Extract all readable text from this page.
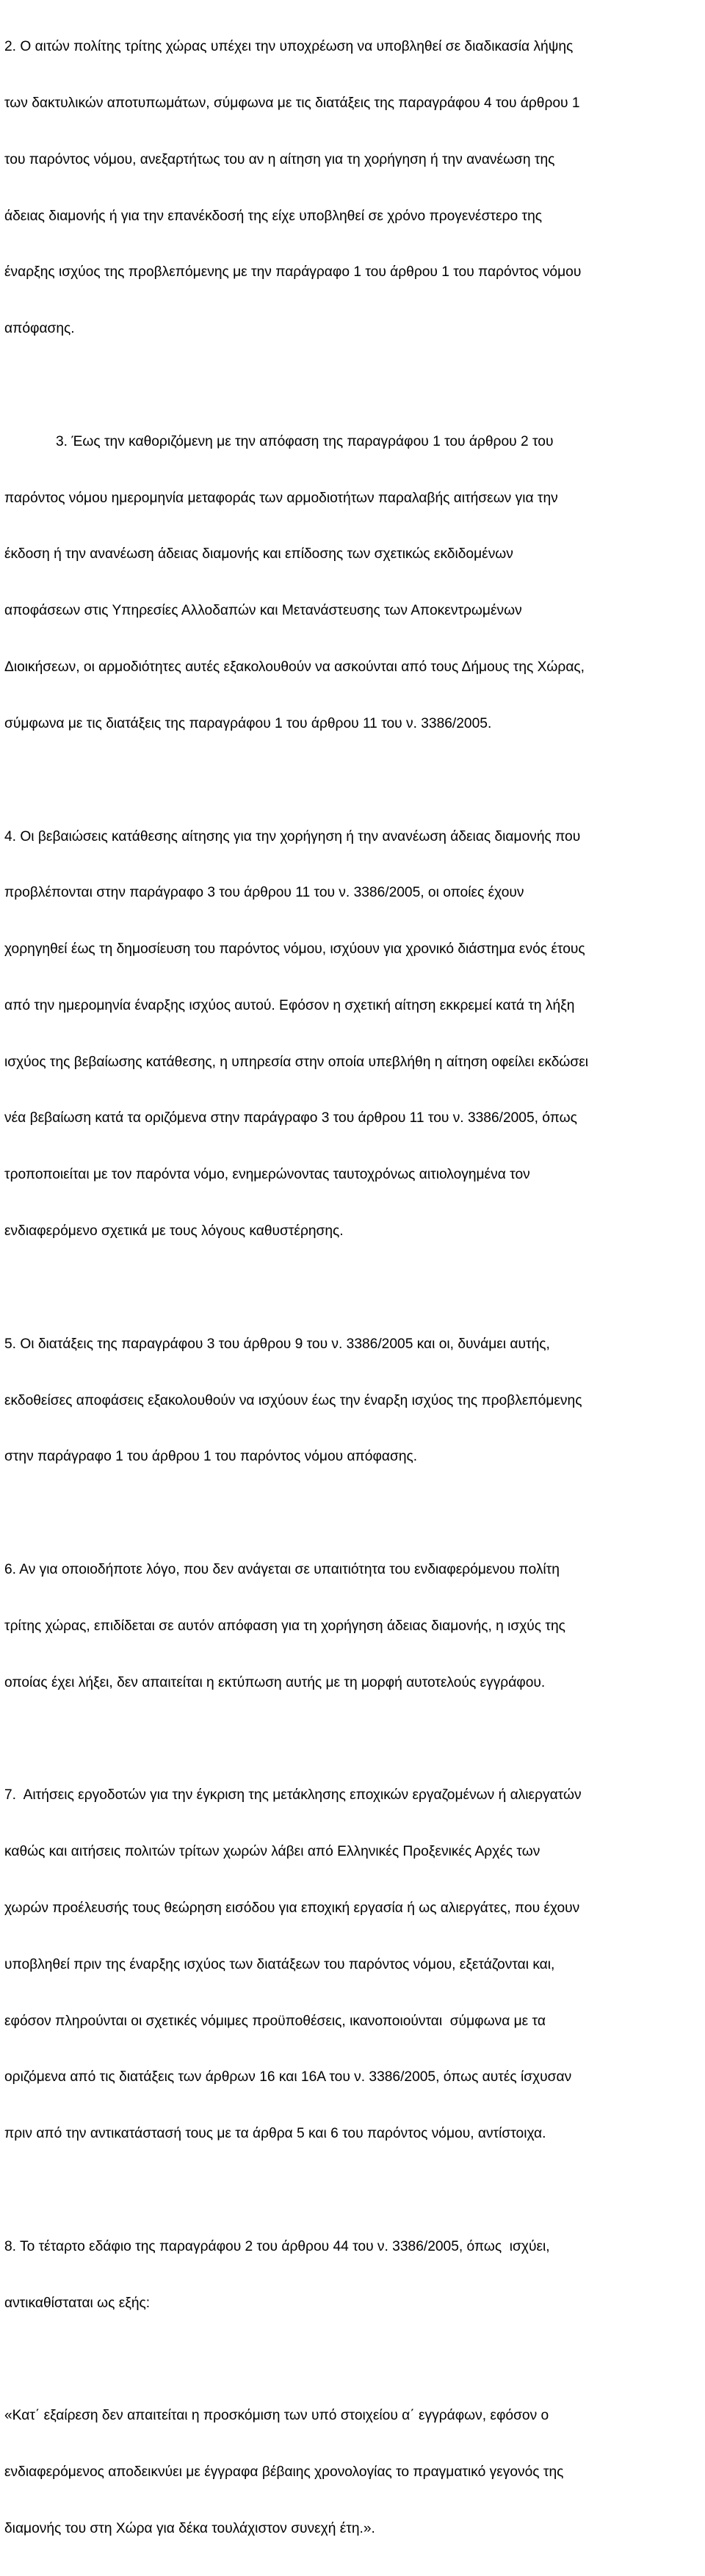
2. Ο αιτών πολίτης τρίτης χώρας υπέχει την υποχρέωση να υποβληθεί σε διαδικασία λήψης

των δακτυλικών αποτυπωμάτων, σύμφωνα με τις διατάξεις της παραγράφου 4 του άρθρου 1

του παρόντος νόμου, ανεξαρτήτως του αν η αίτηση για τη χορήγηση ή την ανανέωση της

άδειας διαμονής ή για την επανέκδοσή της είχε υποβληθεί σε χρόνο προγενέστερο της

έναρξης ισχύος της προβλεπόμενης με την παράγραφο 1 του άρθρου 1 του παρόντος νόμου

απόφασης.

3. Έως την καθοριζόμενη με την απόφαση της παραγράφου 1 του άρθρου 2 του

παρόντος νόμου ημερομηνία μεταφοράς των αρμοδιοτήτων παραλαβής αιτήσεων για την

έκδοση ή την ανανέωση άδειας διαμονής και επίδοσης των σχετικώς εκδιδομένων

αποφάσεων στις Υπηρεσίες Αλλοδαπών και Μετανάστευσης των Αποκεντρωμένων

Διοικήσεων, οι αρμοδιότητες αυτές εξακολουθούν να ασκούνται από τους Δήμους της Χώρας,

σύμφωνα με τις διατάξεις της παραγράφου 1 του άρθρου 11 του ν. 3386/2005.

4. Οι βεβαιώσεις κατάθεσης αίτησης για την χορήγηση ή την ανανέωση άδειας διαμονής που

προβλέπονται στην παράγραφο 3 του άρθρου 11 του ν. 3386/2005, οι οποίες έχουν

χορηγηθεί έως τη δημοσίευση του παρόντος νόμου, ισχύουν για χρονικό διάστημα ενός έτους

από την ημερομηνία έναρξης ισχύος αυτού. Εφόσον η σχετική αίτηση εκκρεμεί κατά τη λήξη

ισχύος της βεβαίωσης κατάθεσης, η υπηρεσία στην οποία υπεβλήθη η αίτηση οφείλει εκδώσει

νέα βεβαίωση κατά τα οριζόμενα στην παράγραφο 3 του άρθρου 11 του ν. 3386/2005, όπως

τροποποιείται με τον παρόντα νόμο, ενημερώνοντας ταυτοχρόνως αιτιολογημένα τον

ενδιαφερόμενο σχετικά με τους λόγους καθυστέρησης.

5. Οι διατάξεις της παραγράφου 3 του άρθρου 9 του ν. 3386/2005 και οι, δυνάμει αυτής,

εκδοθείσες αποφάσεις εξακολουθούν να ισχύουν έως την έναρξη ισχύος της προβλεπόμενης

στην παράγραφο 1 του άρθρου 1 του παρόντος νόμου απόφασης.

6. Αν για οποιοδήποτε λόγο, που δεν ανάγεται σε υπαιτιότητα του ενδιαφερόμενου πολίτη

τρίτης χώρας, επιδίδεται σε αυτόν απόφαση για τη χορήγηση άδειας διαμονής, η ισχύς της

οποίας έχει λήξει, δεν απαιτείται η εκτύπωση αυτής με τη μορφή αυτοτελούς εγγράφου.

7.  Αιτήσεις εργοδοτών για την έγκριση της μετάκλησης εποχικών εργαζομένων ή αλιεργατών

καθώς και αιτήσεις πολιτών τρίτων χωρών λάβει από Ελληνικές Προξενικές Αρχές των

χωρών προέλευσής τους θεώρηση εισόδου για εποχική εργασία ή ως αλιεργάτες, που έχουν

υποβληθεί πριν της έναρξης ισχύος των διατάξεων του παρόντος νόμου, εξετάζονται και,

εφόσον πληρούνται οι σχετικές νόμιμες προϋποθέσεις, ικανοποιούνται  σύμφωνα με τα

οριζόμενα από τις διατάξεις των άρθρων 16 και 16Α του ν. 3386/2005, όπως αυτές ίσχυσαν

πριν από την αντικατάστασή τους με τα άρθρα 5 και 6 του παρόντος νόμου, αντίστοιχα.

8. Το τέταρτο εδάφιο της παραγράφου 2 του άρθρου 44 του ν. 3386/2005, όπως  ισχύει,

αντικαθίσταται ως εξής:

«Κατ΄ εξαίρεση δεν απαιτείται η προσκόμιση των υπό στοιχείου α΄ εγγράφων, εφόσον ο

ενδιαφερόμενος αποδεικνύει με έγγραφα βέβαιης χρονολογίας το πραγματικό γεγονός της

διαμονής του στη Χώρα για δέκα τουλάχιστον συνεχή έτη.».
